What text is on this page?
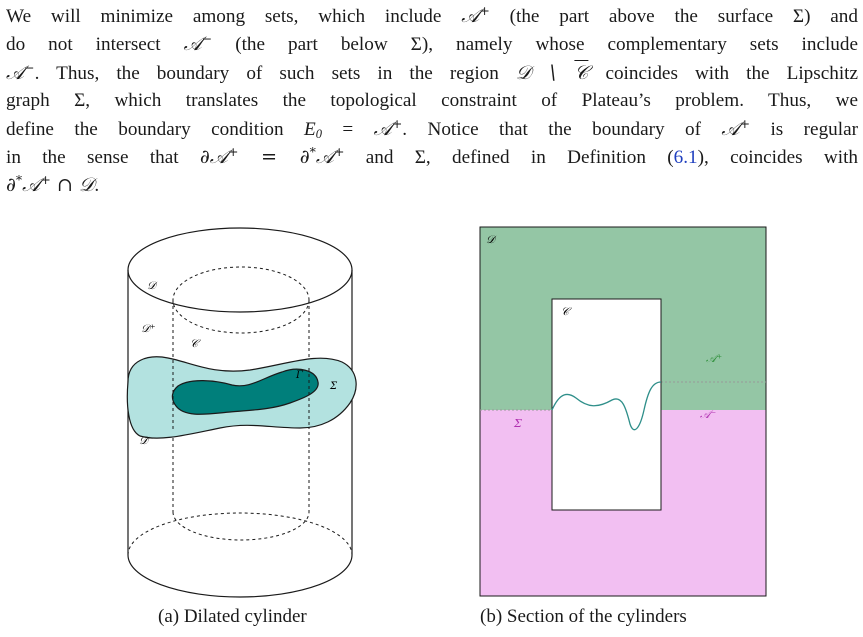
We will minimize among sets, which include 𝒜+ (the part above the surface Σ) and
do not intersect 𝒜− (the part below Σ), namely whose complementary sets include
𝒜−. Thus, the boundary of such sets in the region 𝒟 \ 𝒞 coincides with the Lipschitz
graph Σ, which translates the topological constraint of Plateau’s problem. Thus, we
define the boundary condition $E_0$ = 𝒜+. Notice that the boundary of 𝒜+ is regular
in the sense that ∂𝒜+ = ∂*𝒜+ and Σ, defined in Definition (6.1), coincides with
∂*𝒜+ ∩ 𝒟.
𝒟
𝒟⁺
𝒞
Γ
Σ
𝒟⁻
𝒟
𝒞
𝒜⁺
𝒜⁻
Σ
(a) Dilated cylinder	(b) Section of the cylinders
